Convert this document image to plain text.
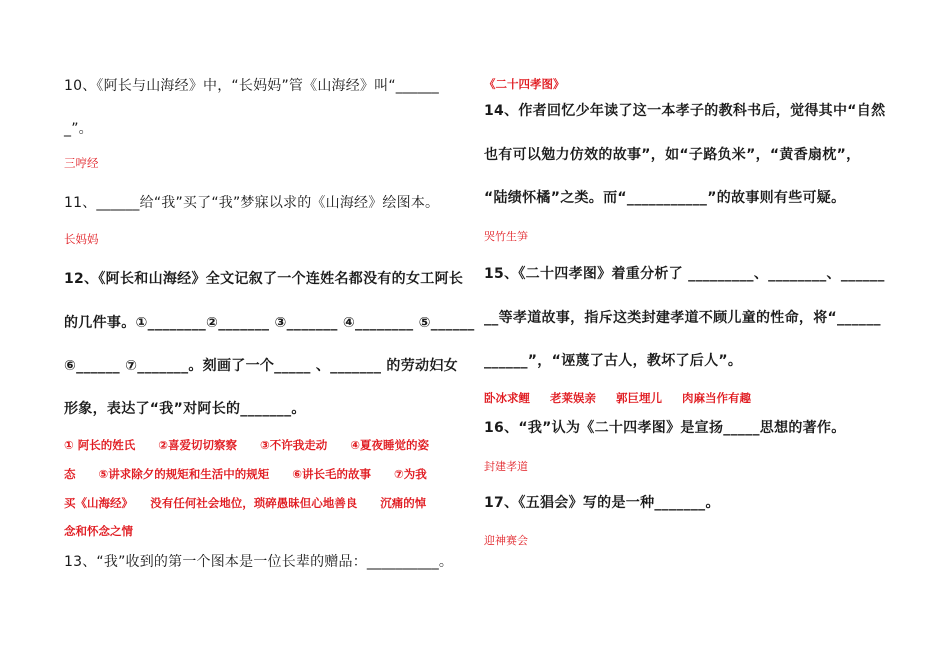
10、《阿长与山海经》中，“长妈妈”管《山海经》叫“______
_”。
三哼经
11、______给“我”买了“我”梦寐以求的《山海经》绘图本。
长妈妈
12、《阿长和山海经》全文记叙了一个连姓名都没有的女工阿长
的几件事。①________②_______ ③_______ ④________ ⑤______
⑥______ ⑦_______。刻画了一个_____ 、_______ 的劳动妇女
形象，表达了“我”对阿长的_______。
① 阿长的姓氏　　②喜爱切切察察　　③不许我走动　　④夏夜睡觉的姿
态　　⑤讲求除夕的规矩和生活中的规矩　　⑥讲长毛的故事　　⑦为我
买《山海经》　　没有任何社会地位，琐碎愚昧但心地善良　　沉痛的悼
念和怀念之情
13、“我”收到的第一个图本是一位长辈的赠品：__________。
《二十四孝图》
14、作者回忆少年读了这一本孝子的教科书后，觉得其中“自然
也有可以勉力仿效的故事”，如“子路负米”，“黄香扇枕”，
“陆绩怀橘”之类。而“___________”的故事则有些可疑。
哭竹生笋
15、《二十四孝图》着重分析了 _________、________、______
__等孝道故事，指斥这类封建孝道不顾儿童的性命，将“______
______”，“诬蔑了古人，教坏了后人”。
卧冰求鲤 老莱娱亲 郭巨埋儿 肉麻当作有趣
16、“我”认为《二十四孝图》是宣扬_____思想的著作。
封建孝道
17、《五猖会》写的是一种_______。
迎神赛会
